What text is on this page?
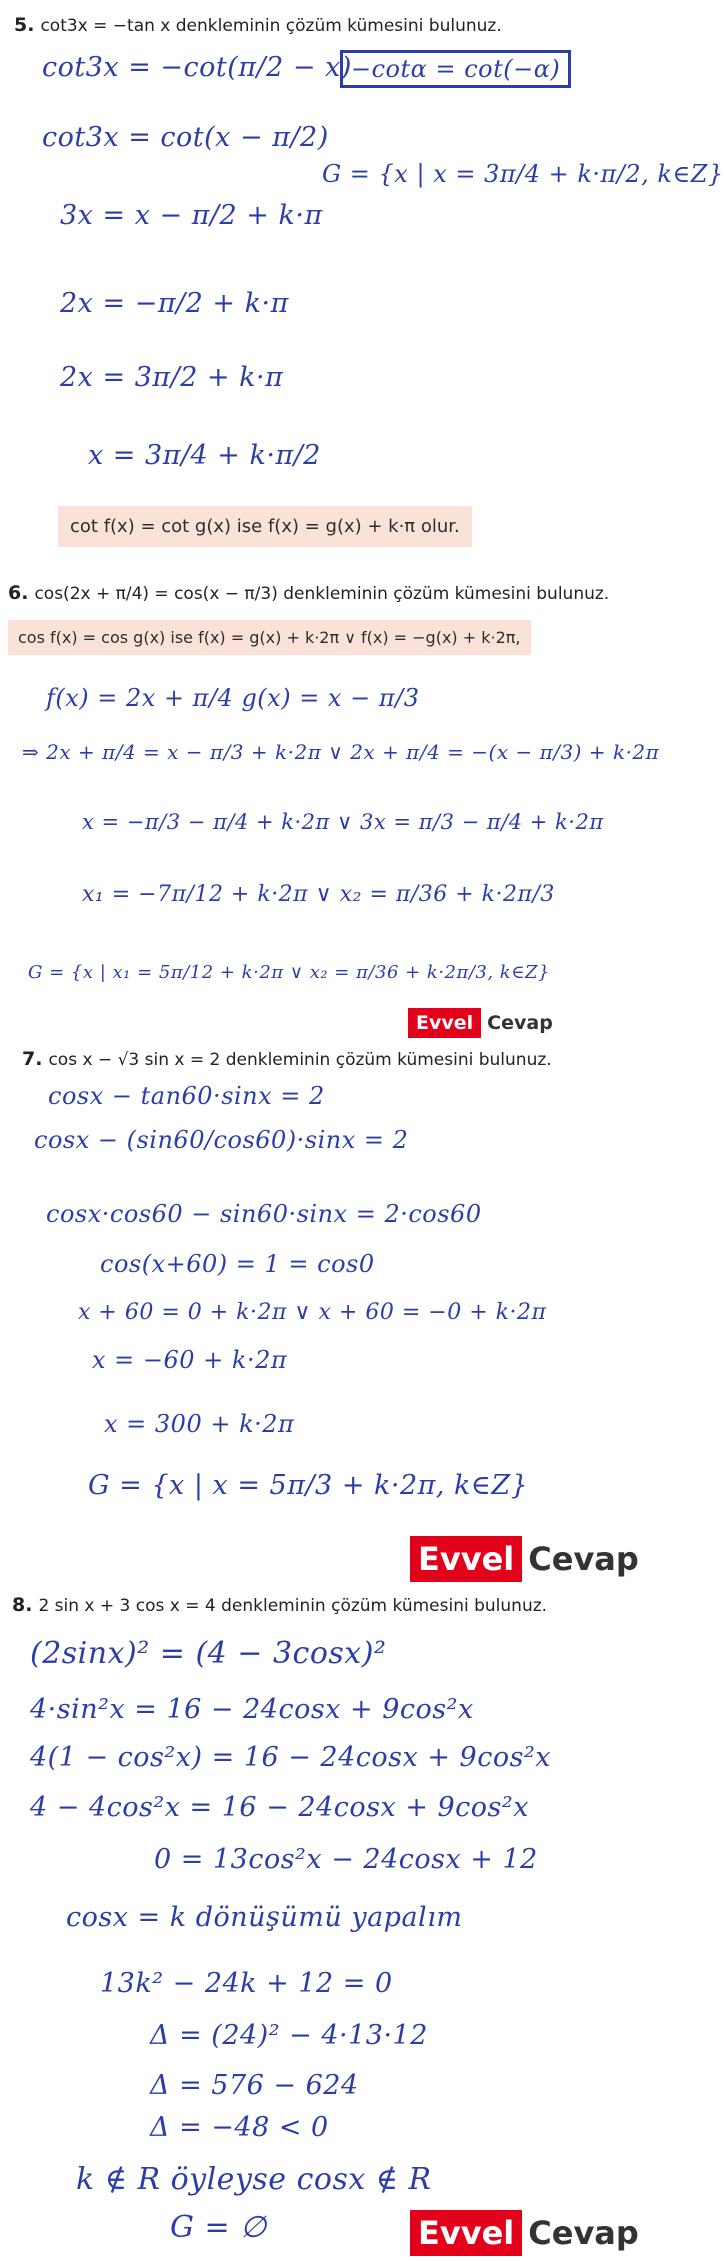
5. cot3x = −tan x denkleminin çözüm kümesini bulunuz.
cot3x = −cot(π/2 − x) −cotα = cot(−α)
cot3x = cot(x − π/2)
G = {x | x = 3π/4 + k·π/2, k∈Z}
3x = x − π/2 + k·π
2x = −π/2 + k·π
2x = 3π/2 + k·π
x = 3π/4 + k·π/2
cot f(x) = cot g(x) ise f(x) = g(x) + k·π olur.
6. cos(2x + π/4) = cos(x − π/3) denkleminin çözüm kümesini bulunuz.
cos f(x) = cos g(x) ise f(x) = g(x) + k·2π ∨ f(x) = −g(x) + k·2π,
f(x) = 2x + π/4 g(x) = x − π/3
⇒ 2x + π/4 = x − π/3 + k·2π ∨ 2x + π/4 = −(x − π/3) + k·2π
x = −π/3 − π/4 + k·2π ∨ 3x = π/3 − π/4 + k·2π
x₁ = −7π/12 + k·2π ∨ x₂ = π/36 + k·2π/3
G = {x | x₁ = 5π/12 + k·2π ∨ x₂ = π/36 + k·2π/3, k∈Z}
Evvel Cevap
7. cos x − √3 sin x = 2 denkleminin çözüm kümesini bulunuz.
cosx − tan60·sinx = 2
cosx − (sin60/cos60)·sinx = 2
cosx·cos60 − sin60·sinx = 2·cos60
cos(x+60) = 1 = cos0
x + 60 = 0 + k·2π ∨ x + 60 = −0 + k·2π
x = −60 + k·2π
x = 300 + k·2π
G = {x | x = 5π/3 + k·2π, k∈Z}
Evvel Cevap
8. 2 sin x + 3 cos x = 4 denkleminin çözüm kümesini bulunuz.
(2sinx)² = (4 − 3cosx)²
4·sin²x = 16 − 24cosx + 9cos²x
4(1 − cos²x) = 16 − 24cosx + 9cos²x
4 − 4cos²x = 16 − 24cosx + 9cos²x
0 = 13cos²x − 24cosx + 12
cosx = k dönüşümü yapalım
13k² − 24k + 12 = 0
Δ = (24)² − 4·13·12
Δ = 576 − 624
Δ = −48 < 0
k ∉ R öyleyse cosx ∉ R
G = ∅	Evvel Cevap
